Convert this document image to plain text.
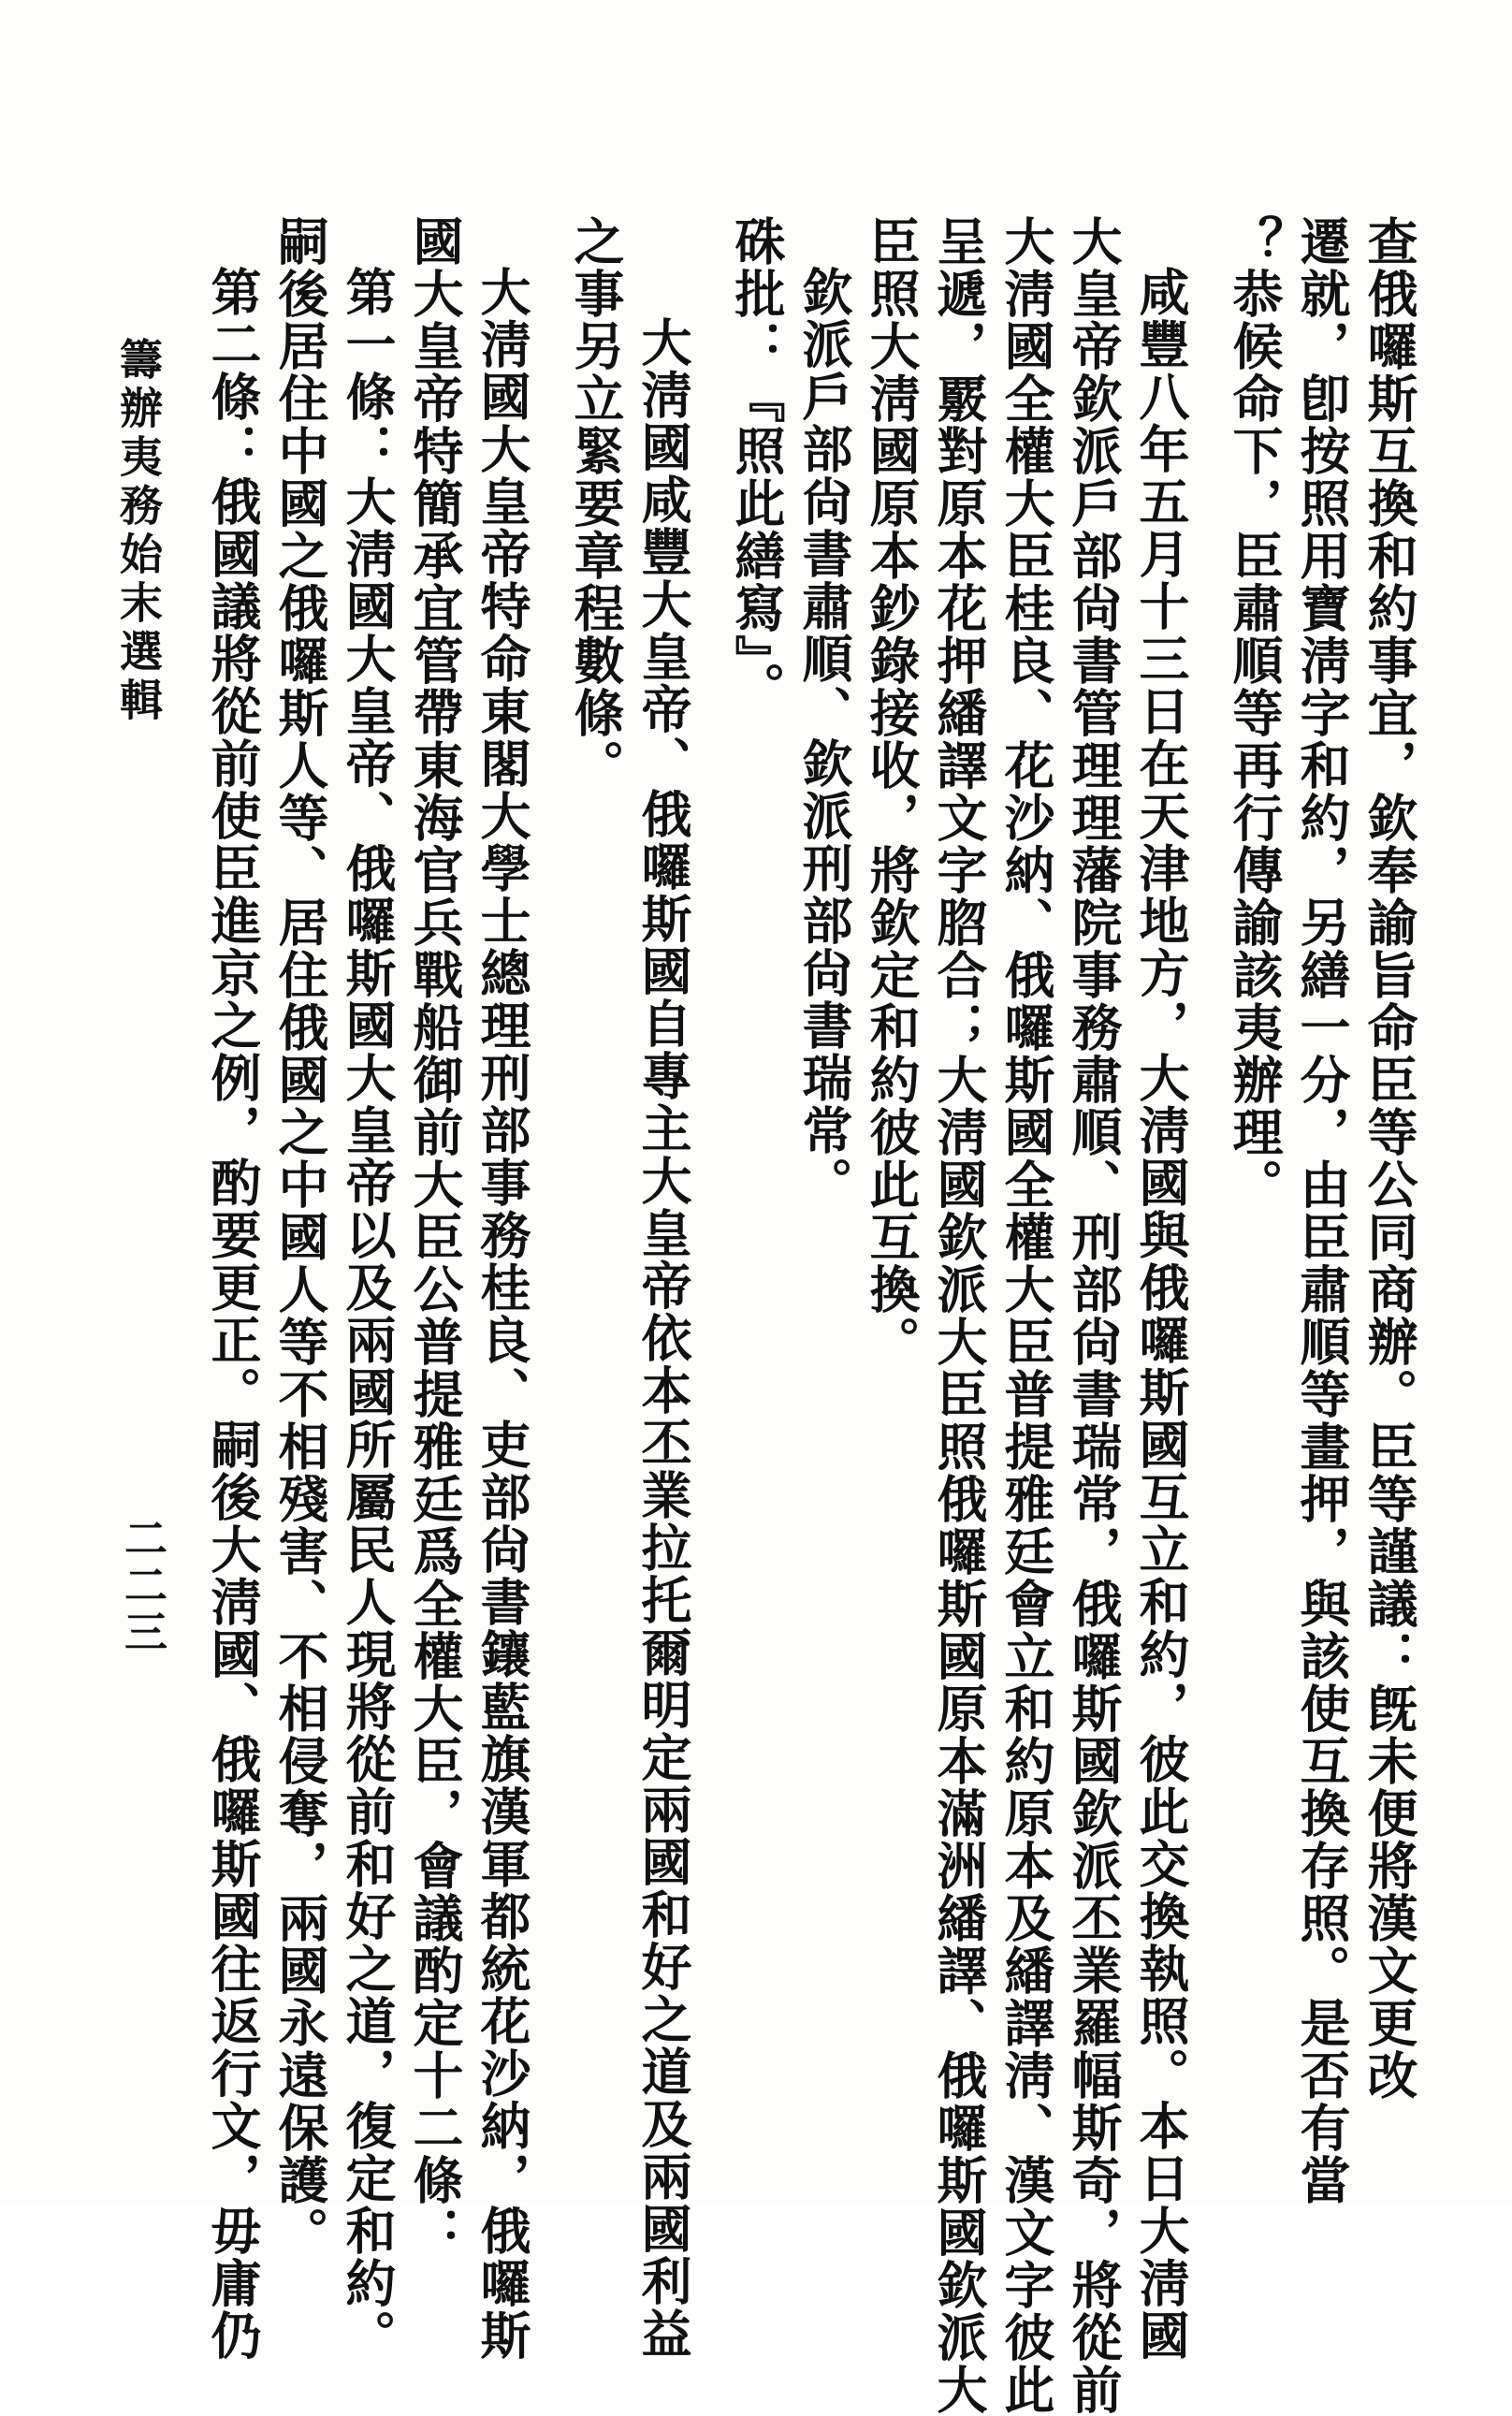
查俄囉斯互換和約事宜，欽奉諭旨命臣等公同商辦。臣等謹議：旣未便將漢文更改
遷就，卽按照用寶淸字和約，另繕一分，由臣肅順等畫押，與該使互換存照。是否有當
？恭候命下，臣肅順等再行傳諭該夷辦理。
咸豐八年五月十三日在天津地方，大淸國與俄囉斯國互立和約，彼此交換執照。本日大淸國
大皇帝欽派戶部尙書管理理藩院事務肅順、刑部尙書瑞常，俄囉斯國欽派丕業羅幅斯奇，將從前
大淸國全權大臣桂良、花沙納、俄囉斯國全權大臣普提雅廷會立和約原本及繙譯淸、漢文字彼此
呈遞，覈對原本花押繙譯文字脗合；大淸國欽派大臣照俄囉斯國原本滿洲繙譯、俄囉斯國欽派大
臣照大淸國原本鈔錄接收，將欽定和約彼此互換。
欽派戶部尙書肅順、欽派刑部尙書瑞常。
硃批：『照此繕寫』。
大淸國咸豐大皇帝、俄囉斯國自專主大皇帝依本丕業拉托爾明定兩國和好之道及兩國利益
之事另立緊要章程數條。
大淸國大皇帝特命東閣大學士總理刑部事務桂良、吏部尙書鑲藍旗漢軍都統花沙納，俄囉斯
國大皇帝特簡承宜管帶東海官兵戰船御前大臣公普提雅廷爲全權大臣，會議酌定十二條：
第一條：大淸國大皇帝、俄囉斯國大皇帝以及兩國所屬民人現將從前和好之道，復定和約。
嗣後居住中國之俄囉斯人等、居住俄國之中國人等不相殘害、不相侵奪，兩國永遠保護。
第二條：俄國議將從前使臣進京之例，酌要更正。嗣後大淸國、俄囉斯國往返行文，毋庸仍
籌辦夷務始末選輯
二二三
